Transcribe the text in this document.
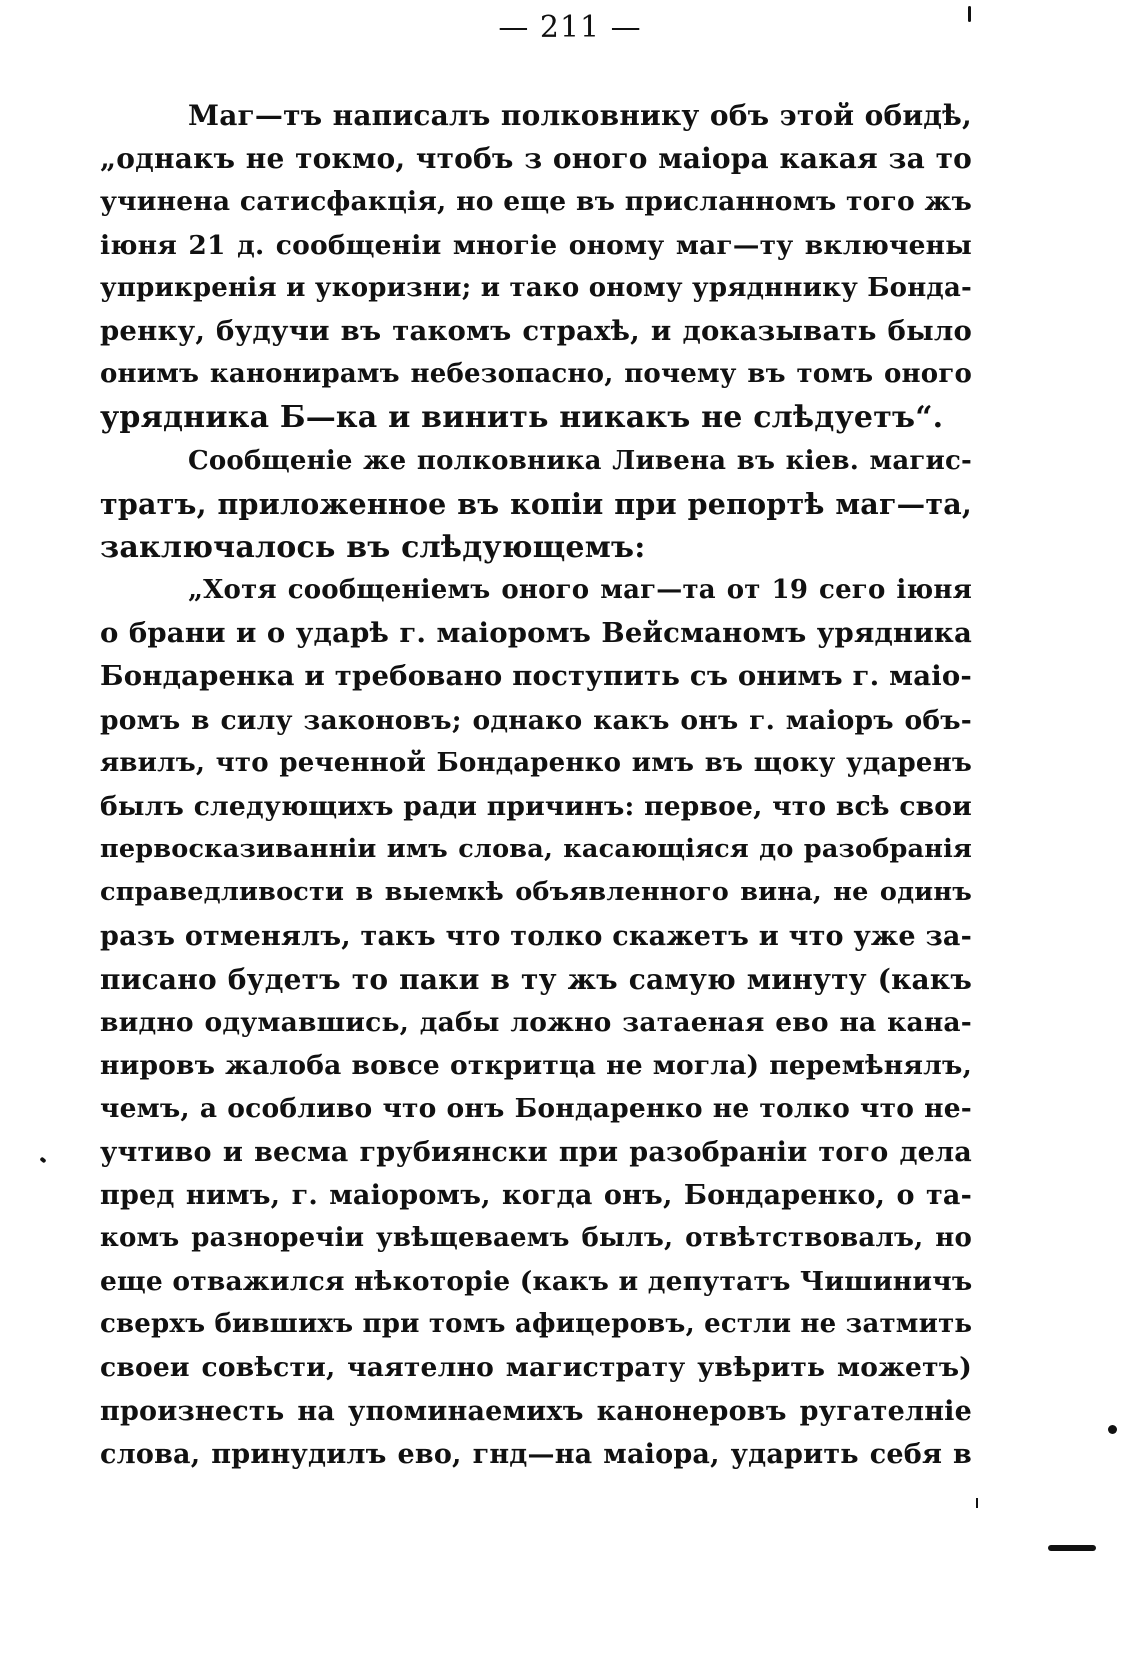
— 211 —
Маг—тъ написалъ полковнику объ этой обидѣ,
„однакъ не токмо, чтобъ з оного маіора какая за то
учинена сатисфакція, но еще въ присланномъ того жъ
іюня 21 д. сообщеніи многіе оному маг—ту включены
уприкренія и укоризни; и тако оному урядннику Бонда-
ренку, будучи въ такомъ страхѣ, и доказывать было
онимъ канонирамъ небезопасно, почему въ томъ оного
урядника Б—ка и винить никакъ не слѣдуетъ“.
Сообщеніе же полковника Ливена въ кіев. магис-
тратъ, приложенное въ копіи при репортѣ маг—та,
заключалось въ слѣдующемъ:
„Хотя сообщеніемъ оного маг—та от 19 сего іюня
о брани и о ударѣ г. маіоромъ Вейсманомъ урядника
Бондаренка и требовано поступить съ онимъ г. маіо-
ромъ в силу законовъ; однако какъ онъ г. маіоръ объ-
явилъ, что реченной Бондаренко имъ въ щоку ударенъ
былъ следующихъ ради причинъ: первое, что всѣ свои
первосказиванніи имъ слова, касающіяся до разобранія
справедливости в выемкѣ объявленного вина, не одинъ
разъ отменялъ, такъ что толко скажетъ и что уже за-
писано будетъ то паки в ту жъ самую минуту (какъ
видно одумавшись, дабы ложно затаеная ево на кана-
нировъ жалоба вовсе откритца не могла) перемѣнялъ,
чемъ, а особливо что онъ Бондаренко не толко что не-
учтиво и весма грубиянски при разобраніи того дела
пред нимъ, г. маіоромъ, когда онъ, Бондаренко, о та-
комъ разноречіи увѣщеваемъ былъ, отвѣтствовалъ, но
еще отважился нѣкоторіе (какъ и депутатъ Чишиничъ
сверхъ бившихъ при томъ афицеровъ, естли не затмить
своеи совѣсти, чаятелно магистрату увѣрить можетъ)
произнесть на упоминаемихъ канонеровъ ругателніе
слова, принудилъ ево, гнд—на маіора, ударить себя в
